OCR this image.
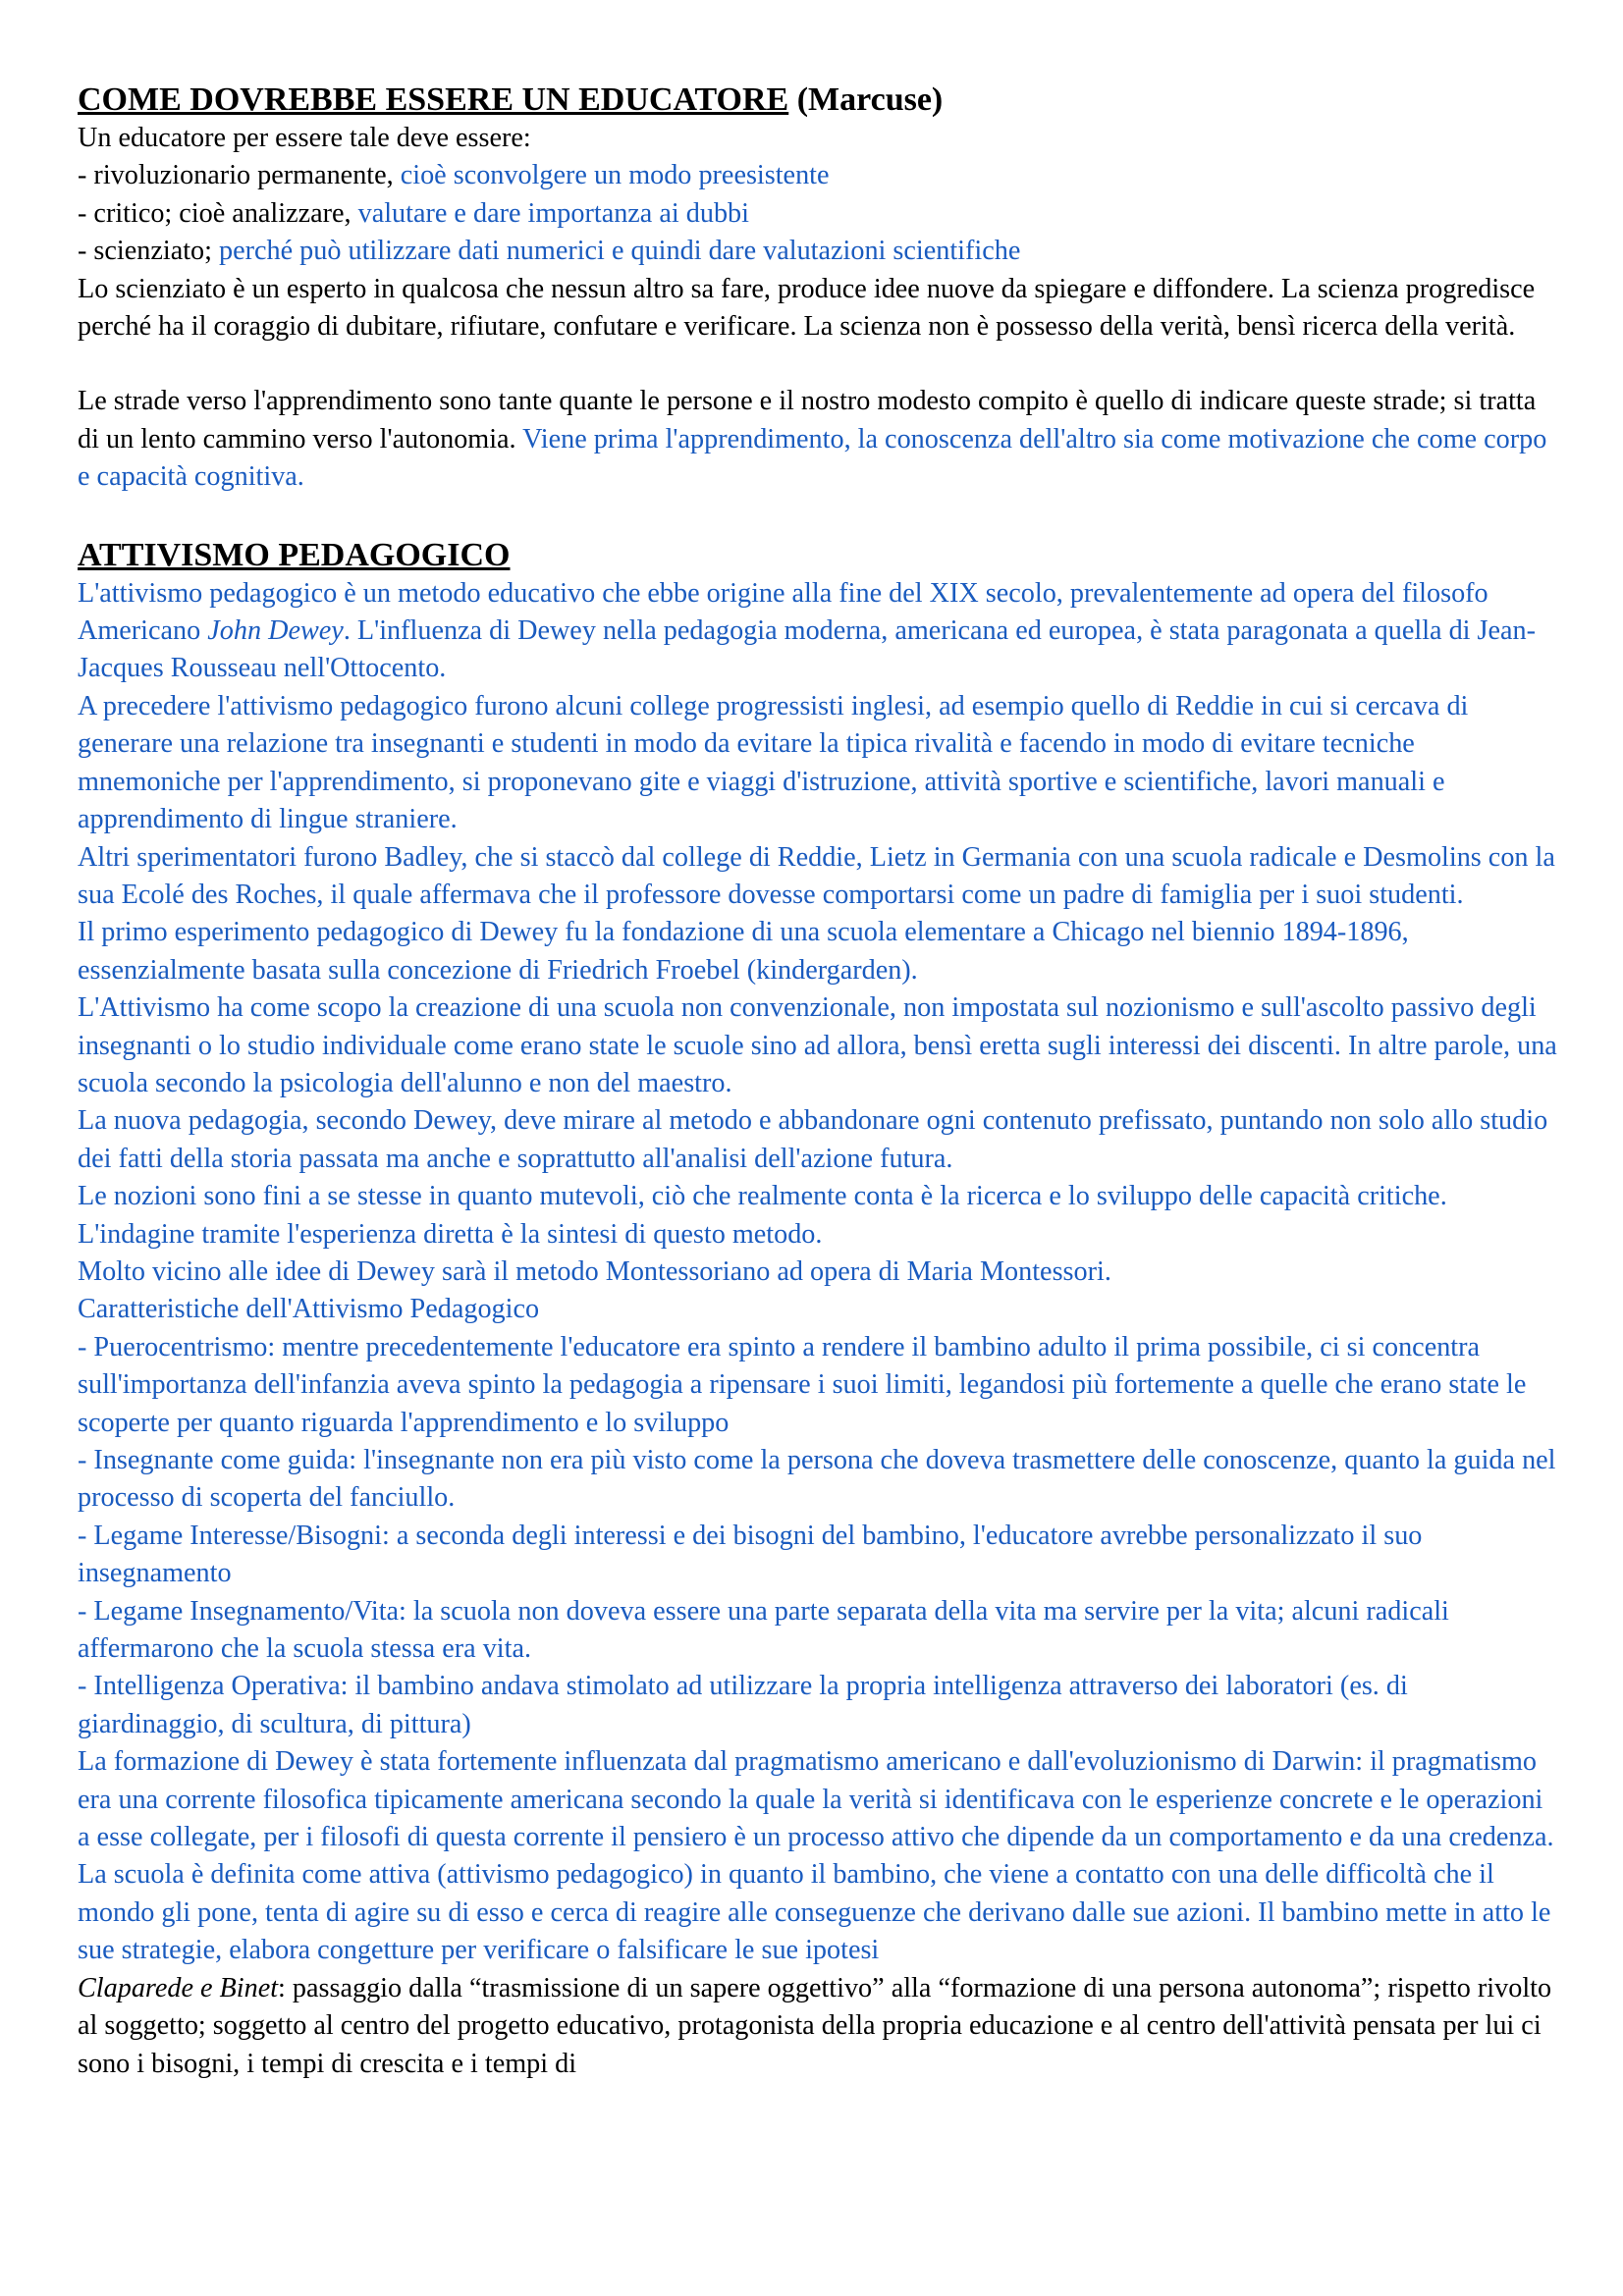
COME DOVREBBE ESSERE UN EDUCATORE (Marcuse)

Un educatore per essere tale deve essere:

- rivoluzionario permanente, cioè sconvolgere un modo preesistente

- critico; cioè analizzare, valutare e dare importanza ai dubbi

- scienziato; perché può utilizzare dati numerici e quindi dare valutazioni scientifiche

Lo scienziato è un esperto in qualcosa che nessun altro sa fare, produce idee nuove da spiegare e diffondere. La scienza progredisce perché ha il coraggio di dubitare, rifiutare, confutare e verificare. La scienza non è possesso della verità, bensì ricerca della verità.

Le strade verso l'apprendimento sono tante quante le persone e il nostro modesto compito è quello di indicare queste strade; si tratta di un lento cammino verso l'autonomia. Viene prima l'apprendimento, la conoscenza dell'altro sia come motivazione che come corpo e capacità cognitiva.

ATTIVISMO PEDAGOGICO

L'attivismo pedagogico è un metodo educativo che ebbe origine alla fine del XIX secolo, prevalentemente ad opera del filosofo Americano John Dewey. L'influenza di Dewey nella pedagogia moderna, americana ed europea, è stata paragonata a quella di Jean-Jacques Rousseau nell'Ottocento.

A precedere l'attivismo pedagogico furono alcuni college progressisti inglesi, ad esempio quello di Reddie in cui si cercava di generare una relazione tra insegnanti e studenti in modo da evitare la tipica rivalità e facendo in modo di evitare tecniche mnemoniche per l'apprendimento, si proponevano gite e viaggi d'istruzione, attività sportive e scientifiche, lavori manuali e apprendimento di lingue straniere.

Altri sperimentatori furono Badley, che si staccò dal college di Reddie, Lietz in Germania con una scuola radicale e Desmolins con la sua Ecolé des Roches, il quale affermava che il professore dovesse comportarsi come un padre di famiglia per i suoi studenti.

Il primo esperimento pedagogico di Dewey fu la fondazione di una scuola elementare a Chicago nel biennio 1894-1896, essenzialmente basata sulla concezione di Friedrich Froebel (kindergarden).

L'Attivismo ha come scopo la creazione di una scuola non convenzionale, non impostata sul nozionismo e sull'ascolto passivo degli insegnanti o lo studio individuale come erano state le scuole sino ad allora, bensì eretta sugli interessi dei discenti. In altre parole, una scuola secondo la psicologia dell'alunno e non del maestro.

La nuova pedagogia, secondo Dewey, deve mirare al metodo e abbandonare ogni contenuto prefissato, puntando non solo allo studio dei fatti della storia passata ma anche e soprattutto all'analisi dell'azione futura.

Le nozioni sono fini a se stesse in quanto mutevoli, ciò che realmente conta è la ricerca e lo sviluppo delle capacità critiche. L'indagine tramite l'esperienza diretta è la sintesi di questo metodo.

Molto vicino alle idee di Dewey sarà il metodo Montessoriano ad opera di Maria Montessori.

Caratteristiche dell'Attivismo Pedagogico

- Puerocentrismo: mentre precedentemente l'educatore era spinto a rendere il bambino adulto il prima possibile, ci si concentra sull'importanza dell'infanzia aveva spinto la pedagogia a ripensare i suoi limiti, legandosi più fortemente a quelle che erano state le scoperte per quanto riguarda l'apprendimento e lo sviluppo

- Insegnante come guida: l'insegnante non era più visto come la persona che doveva trasmettere delle conoscenze, quanto la guida nel processo di scoperta del fanciullo.

- Legame Interesse/Bisogni: a seconda degli interessi e dei bisogni del bambino, l'educatore avrebbe personalizzato il suo insegnamento

- Legame Insegnamento/Vita: la scuola non doveva essere una parte separata della vita ma servire per la vita; alcuni radicali affermarono che la scuola stessa era vita.

- Intelligenza Operativa: il bambino andava stimolato ad utilizzare la propria intelligenza attraverso dei laboratori (es. di giardinaggio, di scultura, di pittura)

La formazione di Dewey è stata fortemente influenzata dal pragmatismo americano e dall'evoluzionismo di Darwin: il pragmatismo era una corrente filosofica tipicamente americana secondo la quale la verità si identificava con le esperienze concrete e le operazioni a esse collegate, per i filosofi di questa corrente il pensiero è un processo attivo che dipende da un comportamento e da una credenza.

La scuola è definita come attiva (attivismo pedagogico) in quanto il bambino, che viene a contatto con una delle difficoltà che il mondo gli pone, tenta di agire su di esso e cerca di reagire alle conseguenze che derivano dalle sue azioni. Il bambino mette in atto le sue strategie, elabora congetture per verificare o falsificare le sue ipotesi

Claparede e Binet: passaggio dalla “trasmissione di un sapere oggettivo” alla “formazione di una persona autonoma”; rispetto rivolto al soggetto; soggetto al centro del progetto educativo, protagonista della propria educazione e al centro dell'attività pensata per lui ci sono i bisogni, i tempi di crescita e i tempi di
